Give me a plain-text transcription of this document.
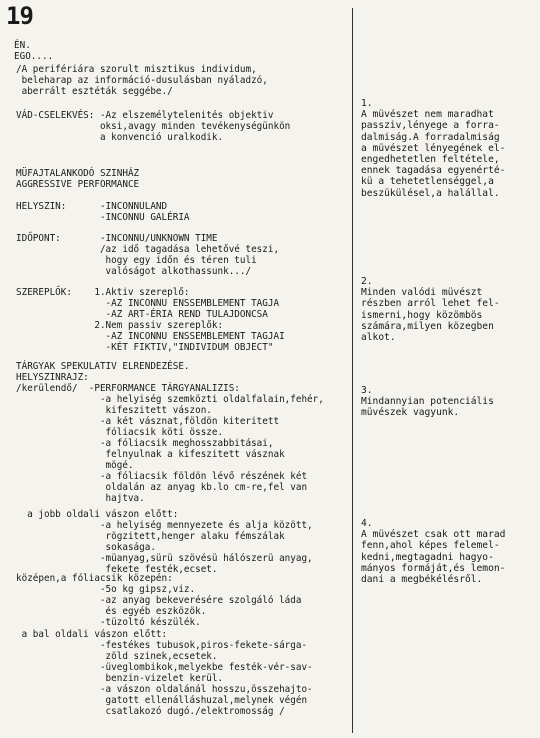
19
ÉN.
EGO....
/A perifériára szorult misztikus individum,
beleharap az információ-dusulásban nyáladzó,
aberrált esztéták seggébe./
VÁD-CSELEKVÉS: -Az elszemélytelenités objektiv
oksi,avagy minden tevékenységünkön
a konvenció uralkodik.
MÜFAJTALANKODÓ SZINHÁZ
AGGRESSIVE PERFORMANCE
HELYSZIN:      -INCONNULAND
-INCONNU GALÉRIA
IDŐPONT:       -INCONNU/UNKNOWN TIME
/az idő tagadása lehetővé teszi,
hogy egy időn és téren tuli
valóságot alkothassunk.../
SZEREPLŐK:    1.Aktiv szereplő:
-AZ INCONNU ENSSEMBLEMENT TAGJA
-AZ ART-ÉRIA REND TULAJDONCSA
2.Nem passiv szereplők:
-AZ INCONNU ENSSEMBLEMENT TAGJAI
-KÉT FIKTIV,"INDIVIDUM OBJECT"
TÁRGYAK SPEKULATIV ELRENDEZÉSE.
HELYSZINRAJZ:
/kerülendő/  -PERFORMANCE TÁRGYANALIZIS:
-a helyiség szemközti oldalfalain,fehér,
kifeszitett vászon.
-a két vásznat,földön kiteritett
fóliacsik köti össze.
-a fóliacsik meghosszabbitásai,
felnyulnak a kifeszitett vásznak
mögé.
-a fóliacsik földön lévő részének két
oldalán az anyag kb.lo cm-re,fel van
hajtva.
a jobb oldali vászon előtt:
-a helyiség mennyezete és alja között,
rögzitett,henger alaku fémszálak
sokasága.
-müanyag,sürü szövésü hálószerü anyag,
fekete festék,ecset.
középen,a fóliacsik közepén:
-5o kg gipsz,viz.
-az anyag bekeverésére szolgáló láda
és egyéb eszközök.
-tüzoltó készülék.
a bal oldali vászon előtt:
-festékes tubusok,piros-fekete-sárga-
zöld szinek,ecsetek.
-üveglombikok,melyekbe festék-vér-sav-
benzin-vizelet kerül.
-a vászon oldalánál hosszu,összehajto-
gatott ellenálláshuzal,melynek végén
csatlakozó dugó./elektromosság /
1.
A müvészet nem maradhat
passziv,lényege a forra-
dalmiság.A forradalmiság
a müvészet lényegének el-
engedhetetlen feltétele,
ennek tagadása egyenérté-
kü a tehetetlenséggel,a
beszükülésel,a halállal.
2.
Minden valódi müvészt
részben arról lehet fel-
ismerni,hogy közömbös
számára,milyen közegben
alkot.
3.
Mindannyian potenciális
müvészek vagyunk.
4.
A müvészet csak ott marad
fenn,ahol képes felemel-
kedni,megtagadni hagyo-
mányos formáját,és lemon-
dani a megbékélésről.
